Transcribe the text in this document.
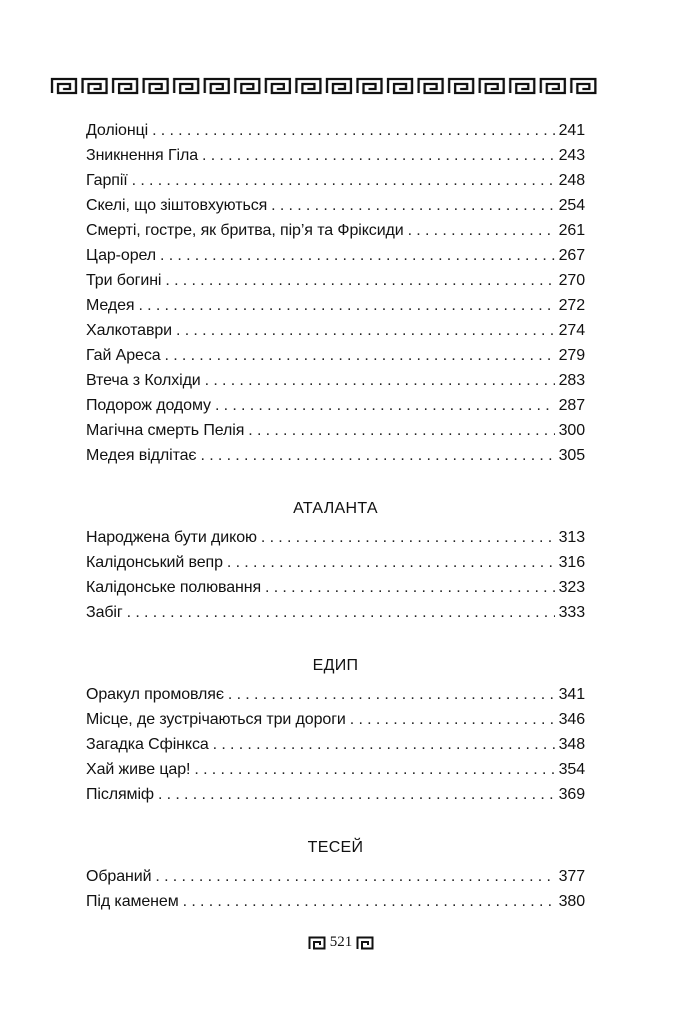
Долiонцi . . .	241
Зникнення Гiла . . .	243
Гарпiї . . .	248
Скелi, що зiштовхуються . . .	254
Смертi, гостре, як бритва, пiр’я та Фрiксиди . . .	261
Цар-орел . . .	267
Три богинi . . .	270
Медея . . .	272
Халкотаври . . .	274
Гай Ареса . . .	279
Втеча з Колхiди . . .	283
Подорож додому . . .	287
Магiчна смерть Пелiя . . .	300
Медея вiдлiтає . . .	305
АТАЛАНТА
Народжена бути дикою . . .	313
Калiдонський вепр . . .	316
Калiдонське полювання . . .	323
Забiг . . .	333
ЕДИП
Оракул промовляє . . .	341
Мiсце, де зустрiчаються три дороги . . .	346
Загадка Сфiнкса . . .	348
Хай живе цар! . . .	354
Пiслямiф . . .	369
ТЕСЕЙ
Обраний . . .	377
Пiд каменем . . .	380
521
